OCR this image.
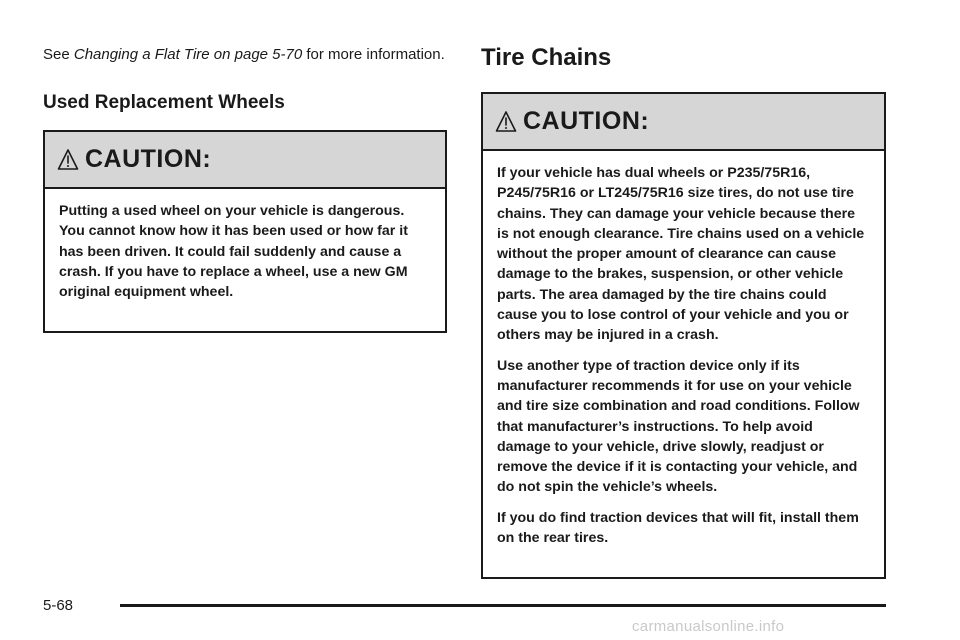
See Changing a Flat Tire on page 5-70 for more information.
Used Replacement Wheels
CAUTION:

Putting a used wheel on your vehicle is dangerous. You cannot know how it has been used or how far it has been driven. It could fail suddenly and cause a crash. If you have to replace a wheel, use a new GM original equipment wheel.

Tire Chains
CAUTION:

If your vehicle has dual wheels or P235/75R16, P245/75R16 or LT245/75R16 size tires, do not use tire chains. They can damage your vehicle because there is not enough clearance. Tire chains used on a vehicle without the proper amount of clearance can cause damage to the brakes, suspension, or other vehicle parts. The area damaged by the tire chains could cause you to lose control of your vehicle and you or others may be injured in a crash.

Use another type of traction device only if its manufacturer recommends it for use on your vehicle and tire size combination and road conditions. Follow that manufacturer’s instructions. To help avoid damage to your vehicle, drive slowly, readjust or remove the device if it is contacting your vehicle, and do not spin the vehicle’s wheels.

If you do find traction devices that will fit, install them on the rear tires.

5-68
carmanualsonline.info
